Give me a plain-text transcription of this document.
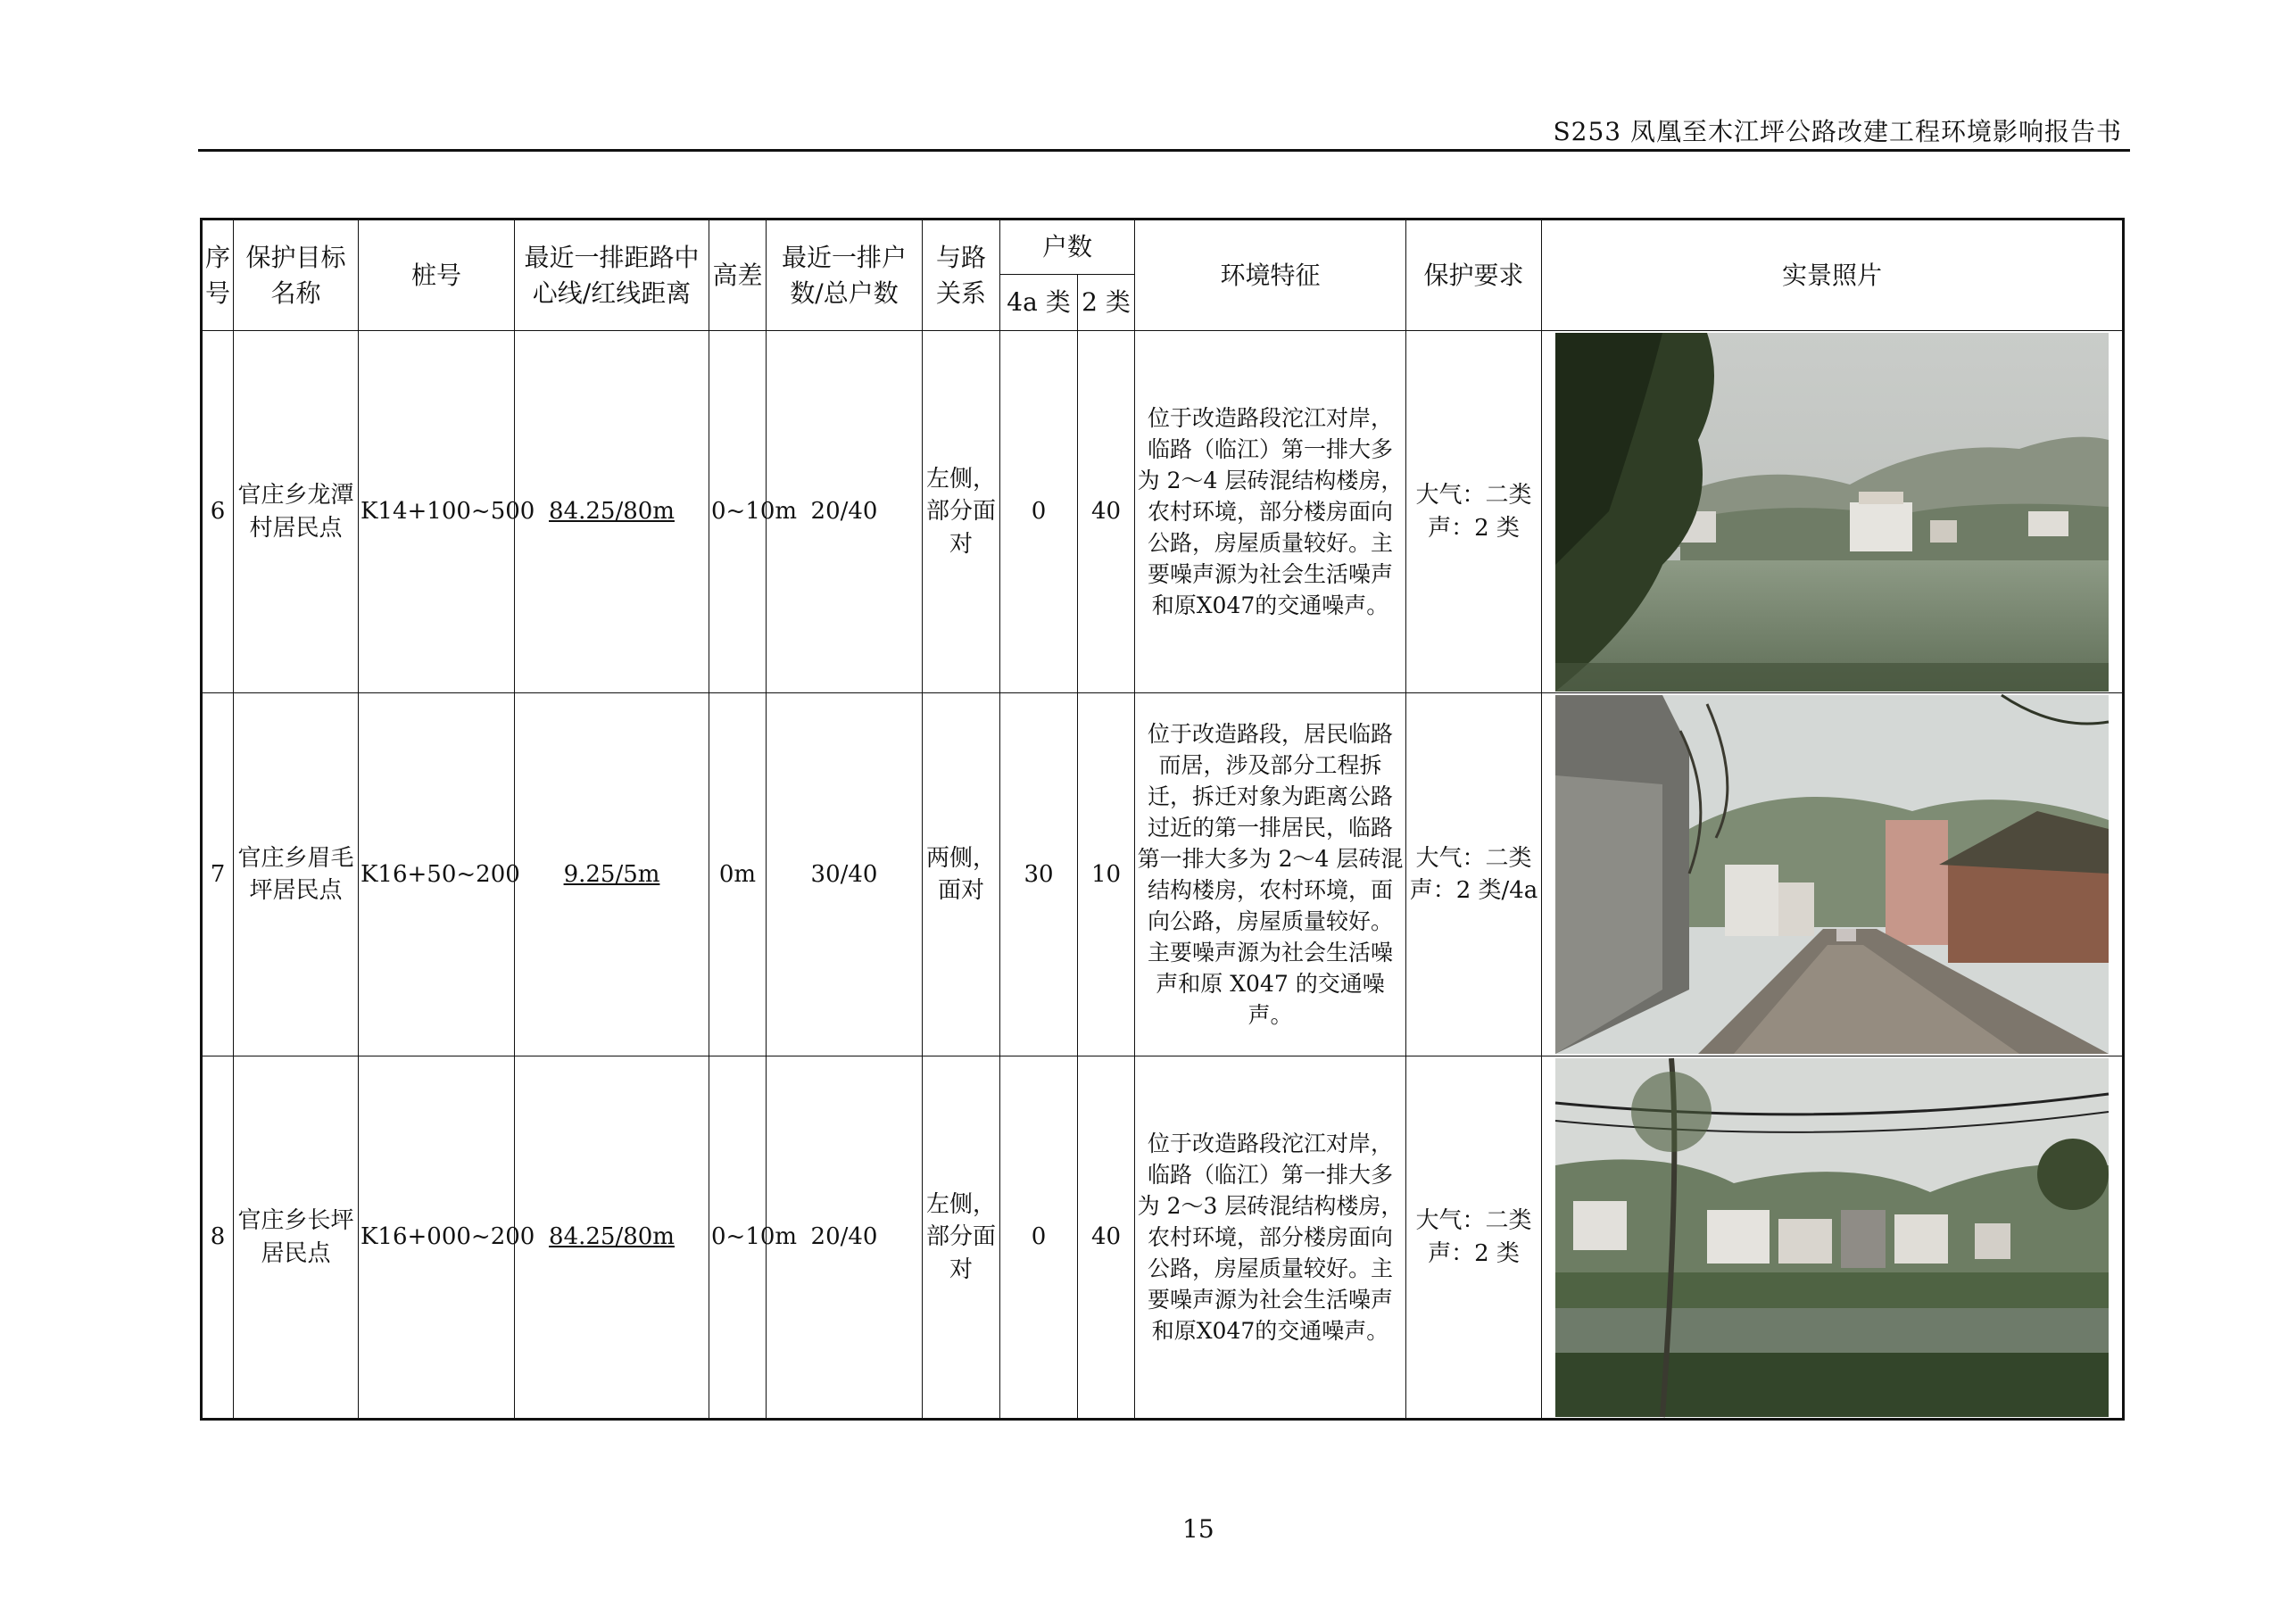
S253 凤凰至木江坪公路改建工程环境影响报告书
序号	保护目标名称	桩号	最近一排距路中心线/红线距离	高差	最近一排户数/总户数	与路关系	户数		环境特征	保护要求	实景照片
							4a 类	2 类			
6	官庄乡龙潭村居民点	K14+100~500	84.25/80m	0~10m	20/40	左侧，部分面对	0	40	位于改造路段沱江对岸，临路（临江）第一排大多为 2～4 层砖混结构楼房，农村环境，部分楼房面向公路，房屋质量较好。主要噪声源为社会生活噪声和原X047的交通噪声。	大气：二类 声：2 类	

7	官庄乡眉毛坪居民点	K16+50~200	9.25/5m	0m	30/40	两侧，面对	30	10	位于改造路段，居民临路而居，涉及部分工程拆迁，拆迁对象为距离公路过近的第一排居民，临路第一排大多为 2～4 层砖混结构楼房，农村环境，面向公路，房屋质量较好。主要噪声源为社会生活噪声和原 X047 的交通噪声。	大气：二类 声：2 类/4a	

8	官庄乡长坪居民点	K16+000~200	84.25/80m	0~10m	20/40	左侧，部分面对	0	40	位于改造路段沱江对岸，临路（临江）第一排大多为 2～3 层砖混结构楼房，农村环境，部分楼房面向公路，房屋质量较好。主要噪声源为社会生活噪声和原X047的交通噪声。	大气：二类 声：2 类	
15
